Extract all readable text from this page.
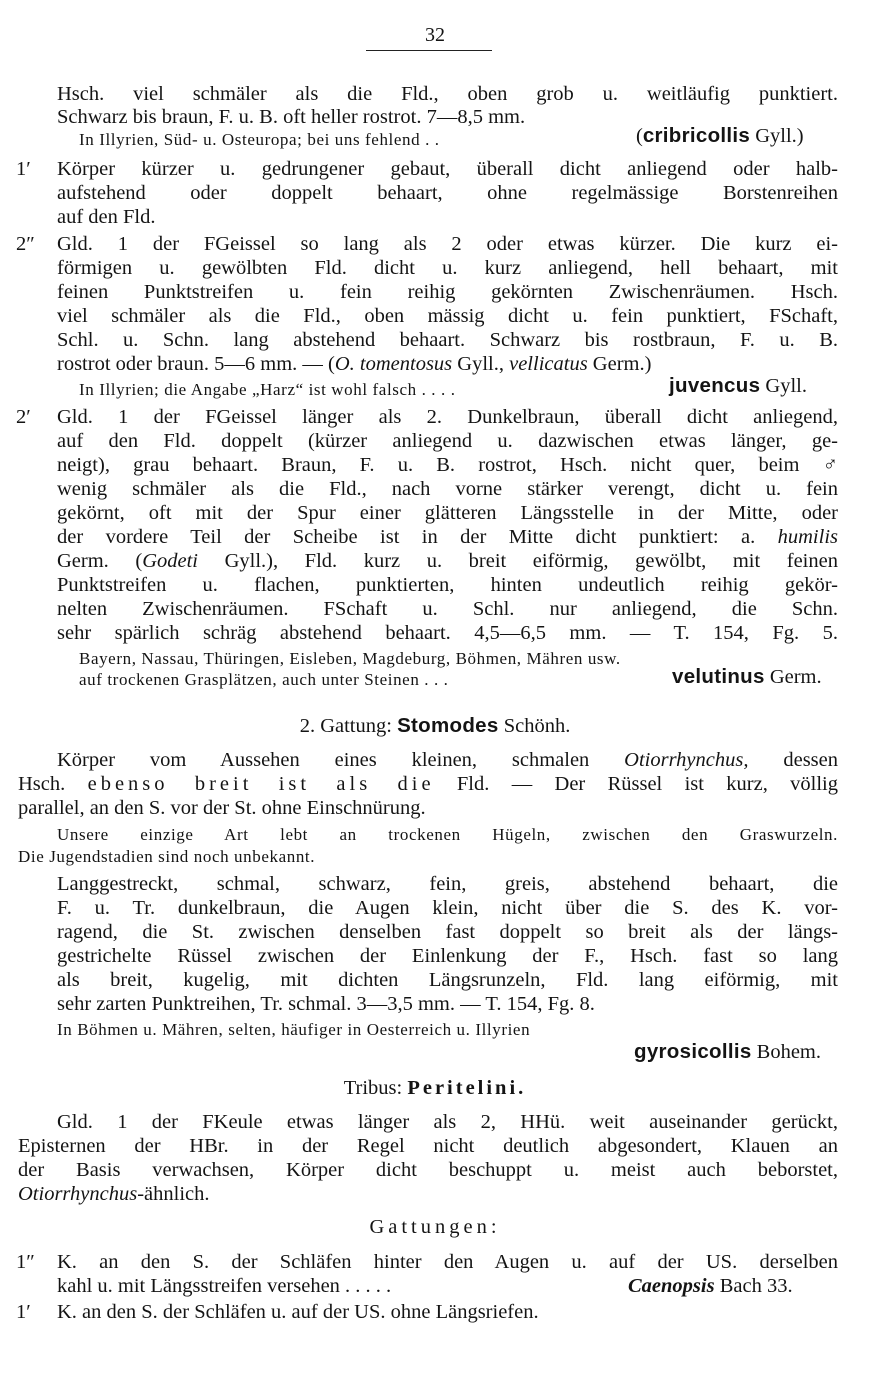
32
Hsch. viel schmäler als die Fld., oben grob u. weitläufig punktiert.
Schwarz bis braun, F. u. B. oft heller rostrot. 7—8,5 mm.
In Illyrien, Süd- u. Osteuropa; bei uns fehlend . .	(cribricollis Gyll.)
1′ Körper kürzer u. gedrungener gebaut, überall dicht anliegend oder halb-
aufstehend oder doppelt behaart, ohne regelmässige Borstenreihen
auf den Fld.
2″ Gld. 1 der FGeissel so lang als 2 oder etwas kürzer. Die kurz ei-
förmigen u. gewölbten Fld. dicht u. kurz anliegend, hell behaart, mit
feinen Punktstreifen u. fein reihig gekörnten Zwischenräumen. Hsch.
viel schmäler als die Fld., oben mässig dicht u. fein punktiert, FSchaft,
Schl. u. Schn. lang abstehend behaart. Schwarz bis rostbraun, F. u. B.
rostrot oder braun. 5—6 mm. — (O. tomentosus Gyll., vellicatus Germ.)
In Illyrien; die Angabe „Harz“ ist wohl falsch . . . .	juvencus Gyll.
2′ Gld. 1 der FGeissel länger als 2. Dunkelbraun, überall dicht anliegend,
auf den Fld. doppelt (kürzer anliegend u. dazwischen etwas länger, ge-
neigt), grau behaart. Braun, F. u. B. rostrot, Hsch. nicht quer, beim ♂
wenig schmäler als die Fld., nach vorne stärker verengt, dicht u. fein
gekörnt, oft mit der Spur einer glätteren Längsstelle in der Mitte, oder
der vordere Teil der Scheibe ist in der Mitte dicht punktiert: a. humilis
Germ. (Godeti Gyll.), Fld. kurz u. breit eiförmig, gewölbt, mit feinen
Punktstreifen u. flachen, punktierten, hinten undeutlich reihig gekör-
nelten Zwischenräumen. FSchaft u. Schl. nur anliegend, die Schn.
sehr spärlich schräg abstehend behaart. 4,5—6,5 mm. — T. 154, Fg. 5.
Bayern, Nassau, Thüringen, Eisleben, Magdeburg, Böhmen, Mähren usw.
auf trockenen Grasplätzen, auch unter Steinen . . .	velutinus Germ.
2. Gattung: Stomodes Schönh.
Körper vom Aussehen eines kleinen, schmalen Otiorrhynchus, dessen
Hsch. ebenso breit ist als die Fld. — Der Rüssel ist kurz, völlig
parallel, an den S. vor der St. ohne Einschnürung.
Unsere einzige Art lebt an trockenen Hügeln, zwischen den Graswurzeln.
Die Jugendstadien sind noch unbekannt.
Langgestreckt, schmal, schwarz, fein, greis, abstehend behaart, die
F. u. Tr. dunkelbraun, die Augen klein, nicht über die S. des K. vor-
ragend, die St. zwischen denselben fast doppelt so breit als der längs-
gestrichelte Rüssel zwischen der Einlenkung der F., Hsch. fast so lang
als breit, kugelig, mit dichten Längsrunzeln, Fld. lang eiförmig, mit
sehr zarten Punktreihen, Tr. schmal. 3—3,5 mm. — T. 154, Fg. 8.
In Böhmen u. Mähren, selten, häufiger in Oesterreich u. Illyrien
gyrosicollis Bohem.
Tribus: Peritelini.
Gld. 1 der FKeule etwas länger als 2, HHü. weit auseinander gerückt,
Episternen der HBr. in der Regel nicht deutlich abgesondert, Klauen an
der Basis verwachsen, Körper dicht beschuppt u. meist auch beborstet,
Otiorrhynchus-ähnlich.
Gattungen:
1″ K. an den S. der Schläfen hinter den Augen u. auf der US. derselben
kahl u. mit Längsstreifen versehen . . . . .	Caenopsis Bach 33.
1′ K. an den S. der Schläfen u. auf der US. ohne Längsriefen.
